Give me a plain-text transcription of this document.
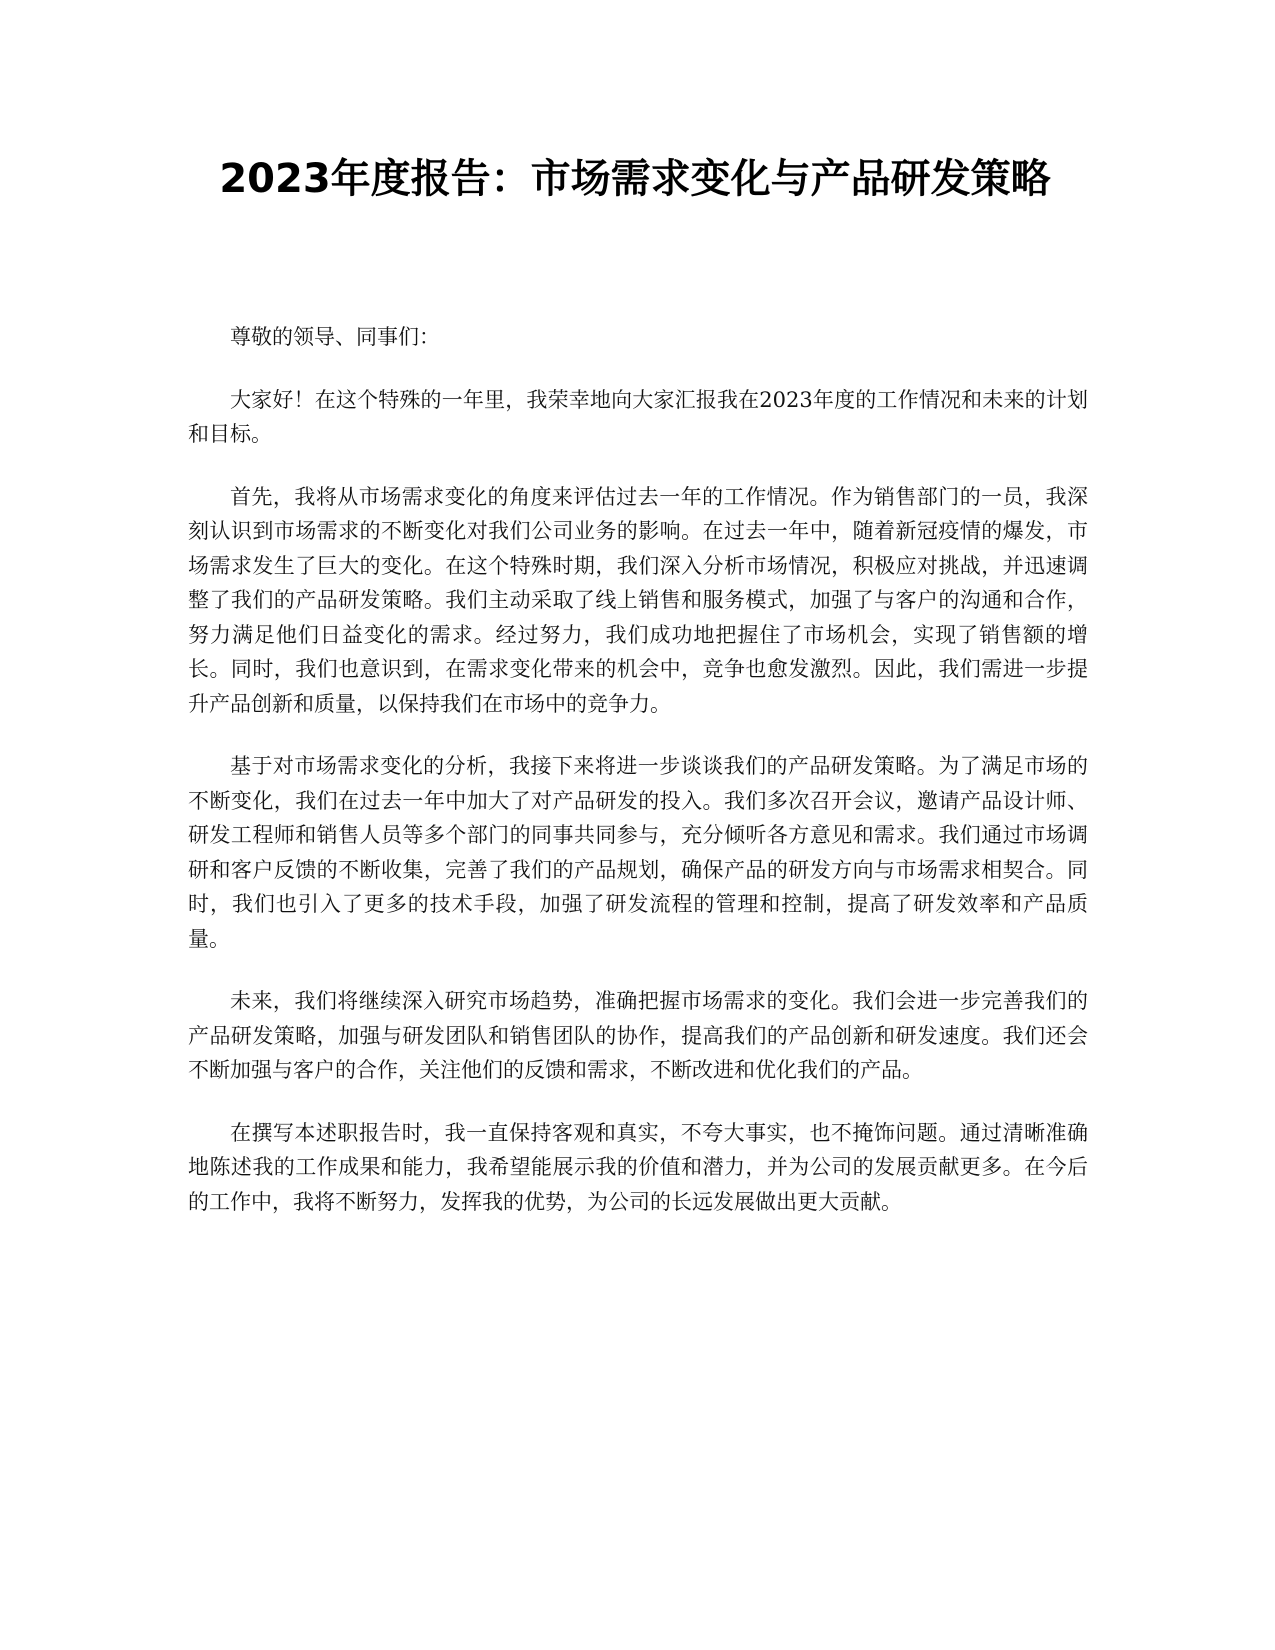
2023年度报告：市场需求变化与产品研发策略

尊敬的领导、同事们：

大家好！在这个特殊的一年里，我荣幸地向大家汇报我在2023年度的工作情况和未来的计划和目标。

首先，我将从市场需求变化的角度来评估过去一年的工作情况。作为销售部门的一员，我深刻认识到市场需求的不断变化对我们公司业务的影响。在过去一年中，随着新冠疫情的爆发，市场需求发生了巨大的变化。在这个特殊时期，我们深入分析市场情况，积极应对挑战，并迅速调整了我们的产品研发策略。我们主动采取了线上销售和服务模式，加强了与客户的沟通和合作，努力满足他们日益变化的需求。经过努力，我们成功地把握住了市场机会，实现了销售额的增长。同时，我们也意识到，在需求变化带来的机会中，竞争也愈发激烈。因此，我们需进一步提升产品创新和质量，以保持我们在市场中的竞争力。

基于对市场需求变化的分析，我接下来将进一步谈谈我们的产品研发策略。为了满足市场的不断变化，我们在过去一年中加大了对产品研发的投入。我们多次召开会议，邀请产品设计师、研发工程师和销售人员等多个部门的同事共同参与，充分倾听各方意见和需求。我们通过市场调研和客户反馈的不断收集，完善了我们的产品规划，确保产品的研发方向与市场需求相契合。同时，我们也引入了更多的技术手段，加强了研发流程的管理和控制，提高了研发效率和产品质量。

未来，我们将继续深入研究市场趋势，准确把握市场需求的变化。我们会进一步完善我们的产品研发策略，加强与研发团队和销售团队的协作，提高我们的产品创新和研发速度。我们还会不断加强与客户的合作，关注他们的反馈和需求，不断改进和优化我们的产品。

在撰写本述职报告时，我一直保持客观和真实，不夸大事实，也不掩饰问题。通过清晰准确地陈述我的工作成果和能力，我希望能展示我的价值和潜力，并为公司的发展贡献更多。在今后的工作中，我将不断努力，发挥我的优势，为公司的长远发展做出更大贡献。
